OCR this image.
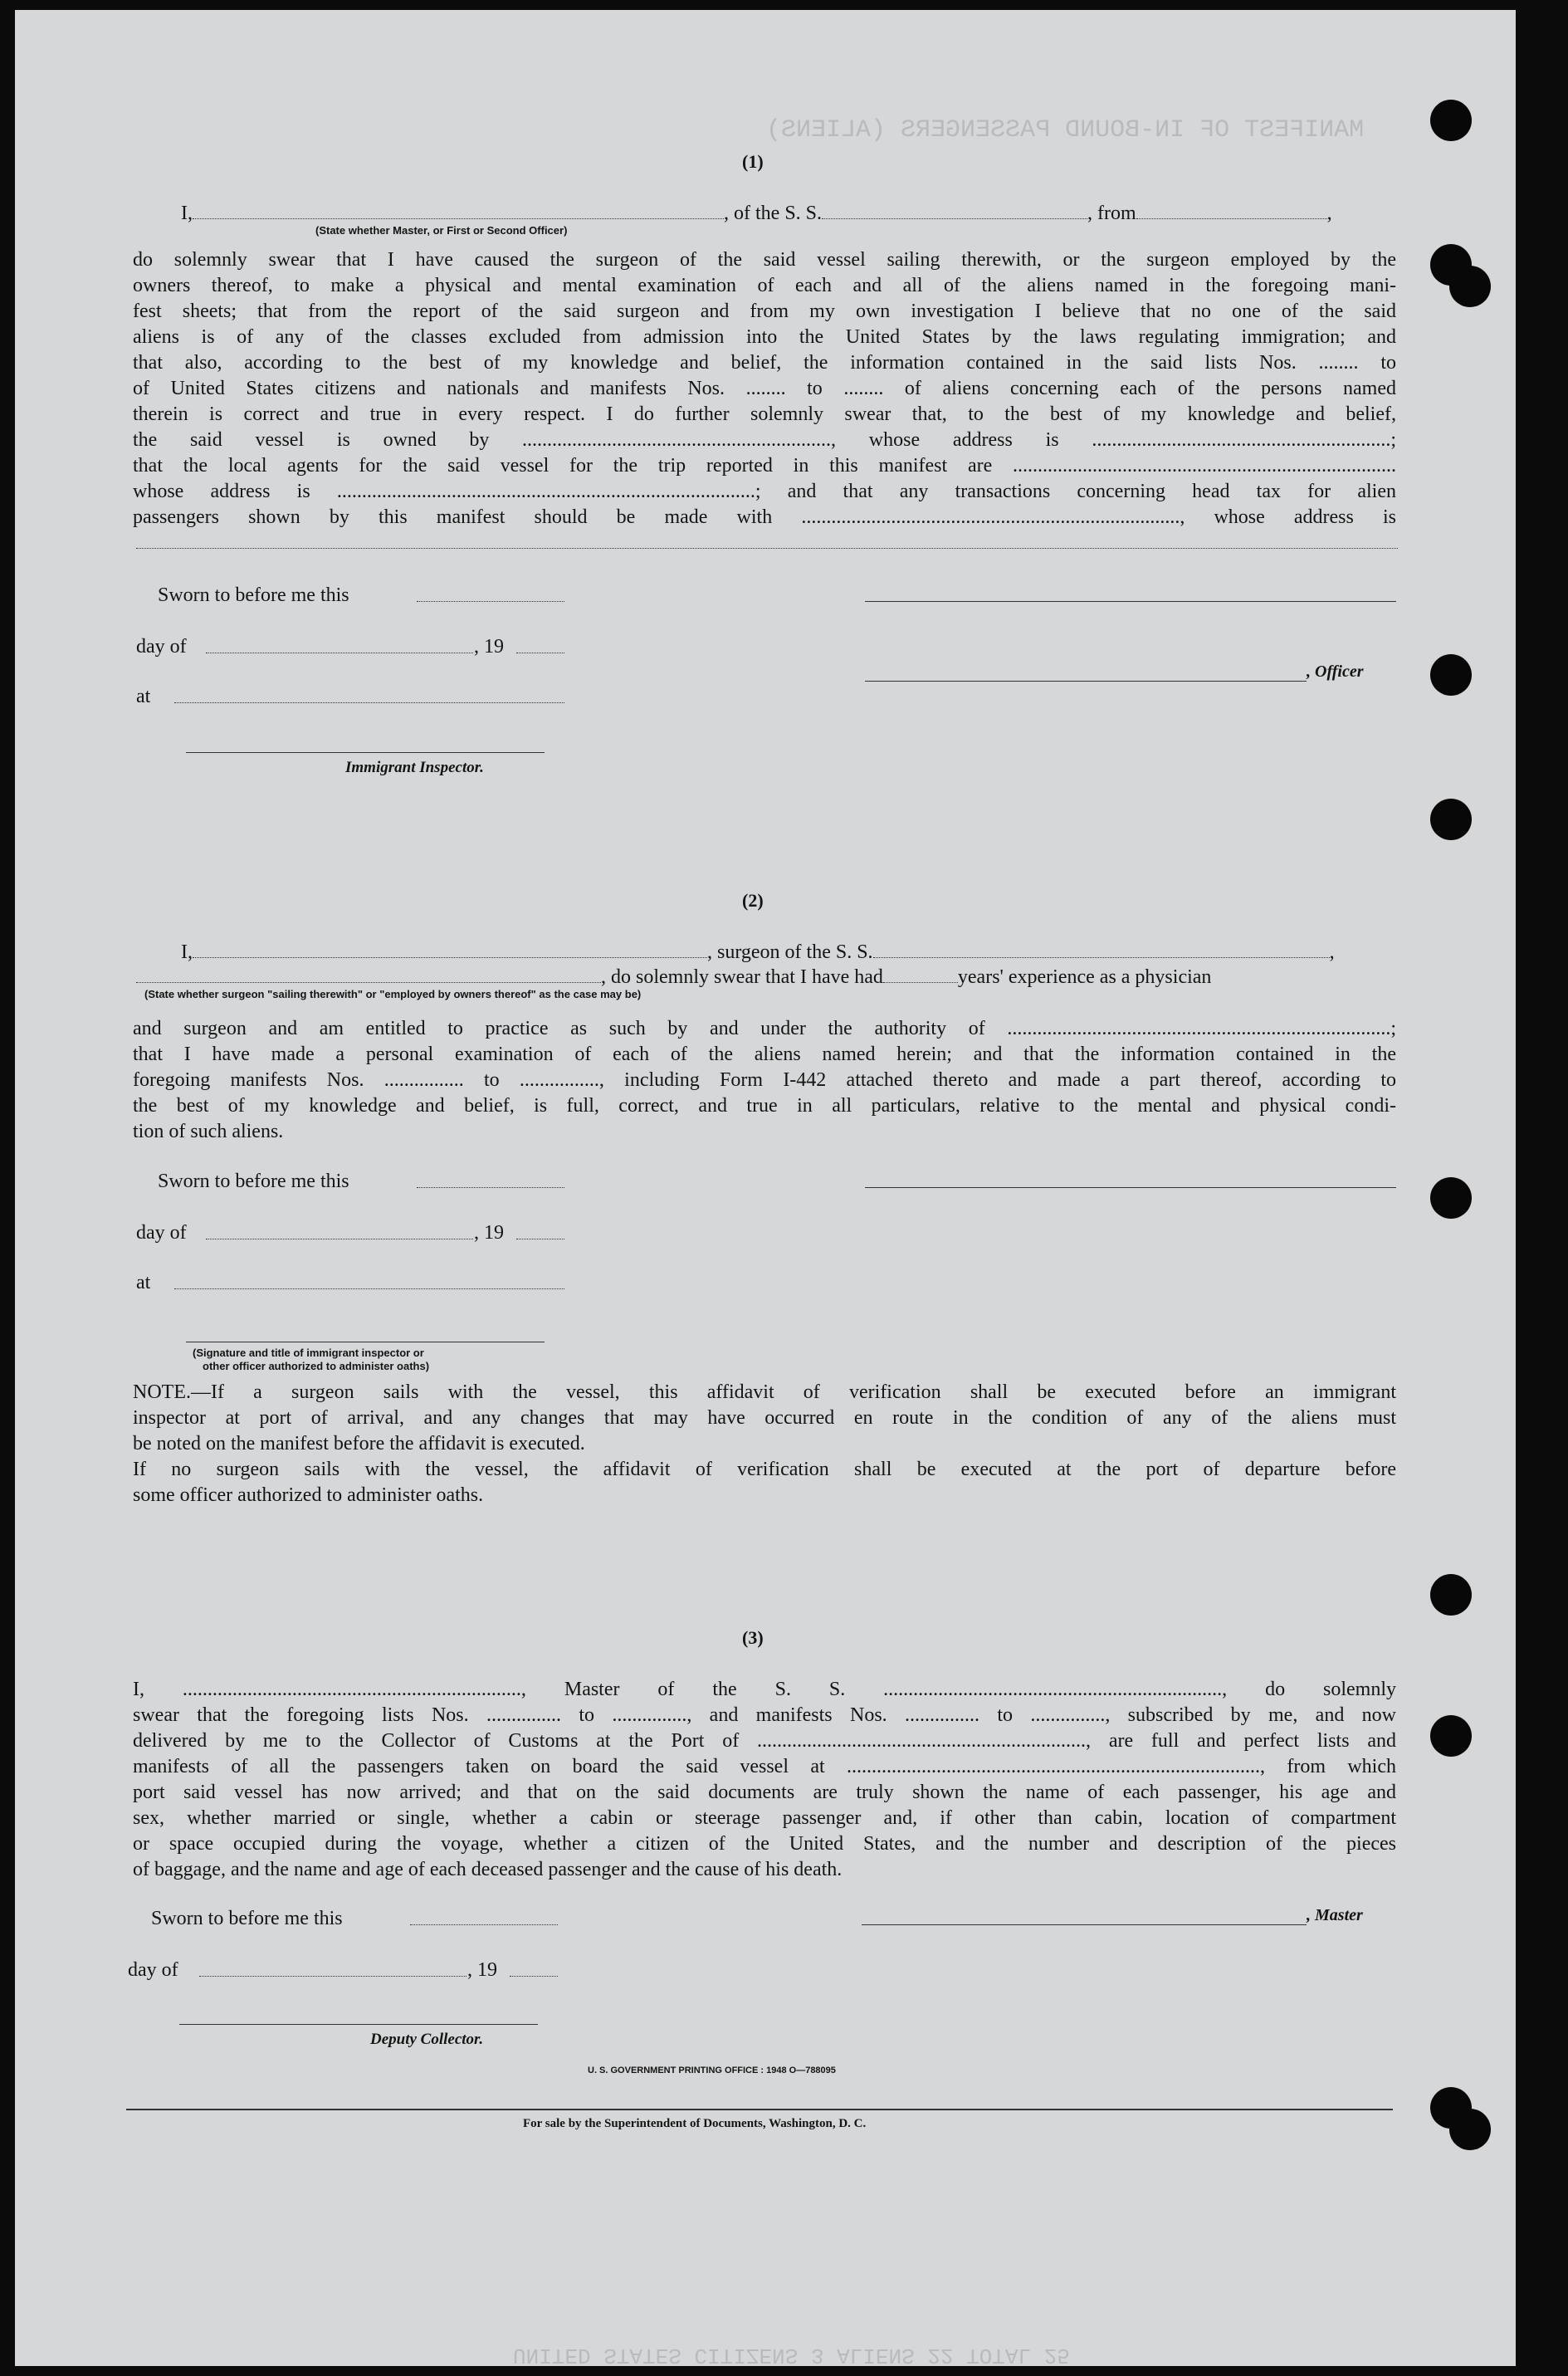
MANIFEST OF IN-BOUND PASSENGERS (ALIENS)
UNITED STATES CITIZENS 3 ALIENS 22 TOTAL 25
(1)
I,	, of the S. S.	, from	,
(State whether Master, or First or Second Officer)
do solemnly swear that I have caused the surgeon of the said vessel sailing therewith, or the surgeon employed by the
owners thereof, to make a physical and mental examination of each and all of the aliens named in the foregoing mani-
fest sheets; that from the report of the said surgeon and from my own investigation I believe that no one of the said
aliens is of any of the classes excluded from admission into the United States by the laws regulating immigration; and
that also, according to the best of my knowledge and belief, the information contained in the said lists Nos. ........ to
of United States citizens and nationals and manifests Nos. ........ to ........ of aliens concerning each of the persons named
therein is correct and true in every respect. I do further solemnly swear that, to the best of my knowledge and belief,
the said vessel is owned by .............................................................., whose address is ............................................................;
that the local agents for the said vessel for the trip reported in this manifest are .............................................................................
whose address is ....................................................................................; and that any transactions concerning head tax for alien
passengers shown by this manifest should be made with ............................................................................, whose address is
Sworn to before me this
day of	, 19
at
, Officer
Immigrant Inspector.
(2)
I,	, surgeon of the S. S.	,
, do solemnly swear that I have had	years' experience as a physician
(State whether surgeon "sailing therewith" or "employed by owners thereof" as the case may be)
and surgeon and am entitled to practice as such by and under the authority of .............................................................................;
that I have made a personal examination of each of the aliens named herein; and that the information contained in the
foregoing manifests Nos. ................ to ................, including Form I-442 attached thereto and made a part thereof, according to
the best of my knowledge and belief, is full, correct, and true in all particulars, relative to the mental and physical condi-
tion of such aliens.
Sworn to before me this
day of	, 19
at
(Signature and title of immigrant inspector or
other officer authorized to administer oaths)
NOTE.—If a surgeon sails with the vessel, this affidavit of verification shall be executed before an immigrant
inspector at port of arrival, and any changes that may have occurred en route in the condition of any of the aliens must
be noted on the manifest before the affidavit is executed.
If no surgeon sails with the vessel, the affidavit of verification shall be executed at the port of departure before
some officer authorized to administer oaths.
(3)
I, ...................................................................., Master of the S. S. ...................................................................., do solemnly
swear that the foregoing lists Nos. ............... to ..............., and manifests Nos. ............... to ..............., subscribed by me, and now
delivered by me to the Collector of Customs at the Port of .................................................................., are full and perfect lists and
manifests of all the passengers taken on board the said vessel at ..................................................................................., from which
port said vessel has now arrived; and that on the said documents are truly shown the name of each passenger, his age and
sex, whether married or single, whether a cabin or steerage passenger and, if other than cabin, location of compartment
or space occupied during the voyage, whether a citizen of the United States, and the number and description of the pieces
of baggage, and the name and age of each deceased passenger and the cause of his death.
Sworn to before me this	, Master
day of	, 19
Deputy Collector.
U. S. GOVERNMENT PRINTING OFFICE : 1948 O—788095
For sale by the Superintendent of Documents, Washington, D. C.
